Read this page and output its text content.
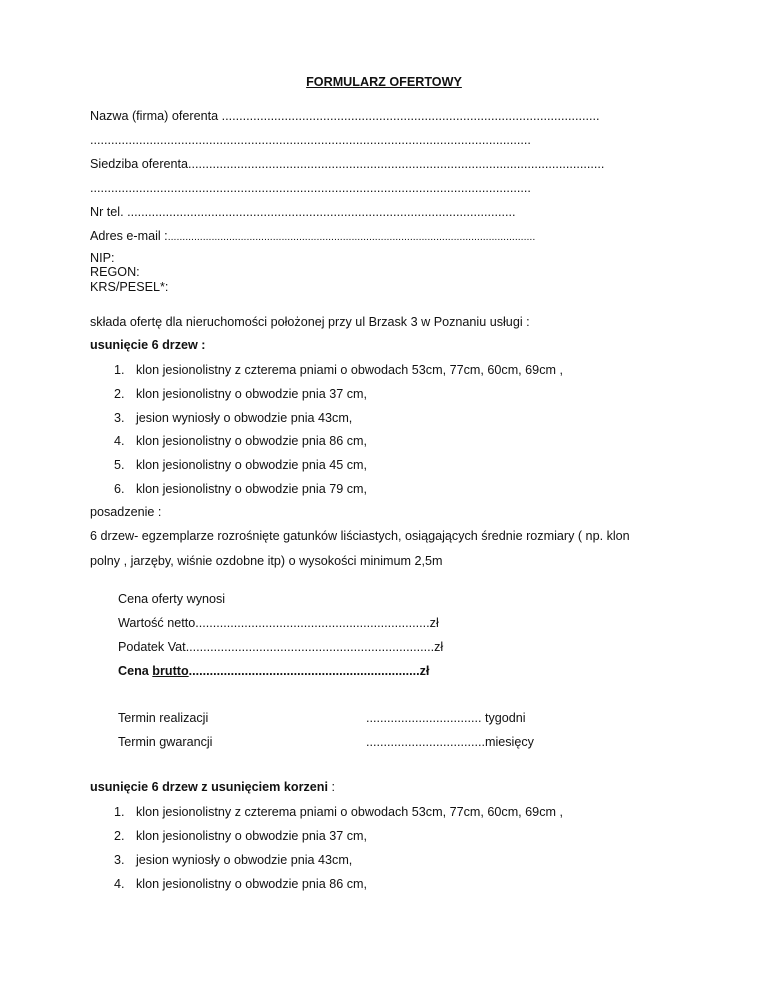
FORMULARZ OFERTOWY
Nazwa (firma) oferenta ............................................................................................................
..............................................................................................................................
Siedziba oferenta.......................................................................................................................
..............................................................................................................................
Nr tel. ...............................................................................................................
Adres e-mail :..............................................................................................................................
NIP:
REGON:
KRS/PESEL*:
składa ofertę dla nieruchomości położonej przy ul Brzask 3 w Poznaniu usługi :
usunięcie 6 drzew :
1. klon jesionolistny z czterema pniami o obwodach 53cm, 77cm, 60cm, 69cm ,
2. klon jesionolistny o obwodzie pnia 37 cm,
3. jesion wyniosły o obwodzie pnia 43cm,
4. klon jesionolistny o obwodzie pnia 86 cm,
5. klon jesionolistny o obwodzie pnia 45 cm,
6. klon jesionolistny o obwodzie pnia 79 cm,
posadzenie :
6 drzew- egzemplarze rozrośnięte gatunków liściastych, osiągających średnie rozmiary ( np. klon
polny , jarzęby, wiśnie ozdobne itp) o wysokości minimum 2,5m
Cena oferty wynosi
Wartość netto...................................................................zł
Podatek Vat.......................................................................zł
Cena brutto..................................................................zł
Termin realizacji	................................. tygodni
Termin gwarancji	..................................miesięcy
usunięcie 6 drzew z usunięciem korzeni :
1. klon jesionolistny z czterema pniami o obwodach 53cm, 77cm, 60cm, 69cm ,
2. klon jesionolistny o obwodzie pnia 37 cm,
3. jesion wyniosły o obwodzie pnia 43cm,
4. klon jesionolistny o obwodzie pnia 86 cm,
